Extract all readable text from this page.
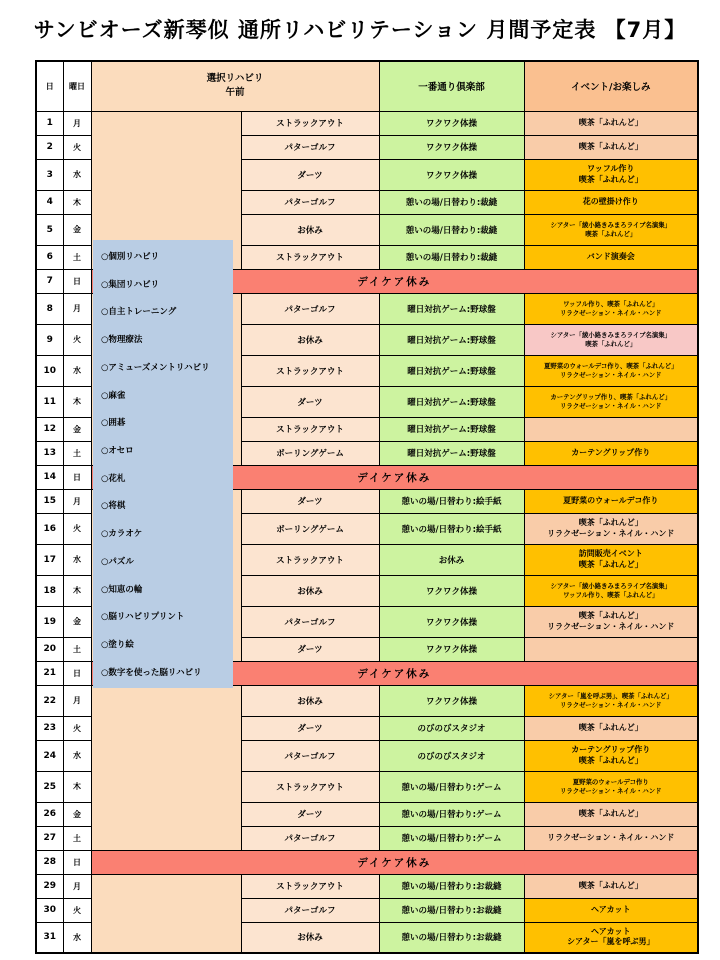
サンビオーズ新琴似 通所リハビリテーション 月間予定表 【7月】
日	曜日	選択リハビリ
午前		一番通り倶楽部	イベント/お楽しみ
1	月		ストラックアウト	ワクワク体操	喫茶「ふれんど」

2	火		パターゴルフ	ワクワク体操	喫茶「ふれんど」

3	水		ダーツ	ワクワク体操	ワッフル作り
喫茶「ふれんど」

4	木		パターゴルフ	憩いの場/日替わり:裁縫	花の壁掛け作り

5	金		お休み	憩いの場/日替わり:裁縫	シアター「綾小路きみまろライブ名演集」
喫茶「ふれんど」

6	土		ストラックアウト	憩いの場/日替わり:裁縫	バンド演奏会

7	日	デイケア休み			
8	月		パターゴルフ	曜日対抗ゲーム:野球盤	ワッフル作り、喫茶「ふれんど」
リラクゼーション・ネイル・ハンド

9	火		お休み	曜日対抗ゲーム:野球盤	シアター「綾小路きみまろライブ名演集」
喫茶「ふれんど」

10	水		ストラックアウト	曜日対抗ゲーム:野球盤	夏野菜のウォールデコ作り、喫茶「ふれんど」
リラクゼーション・ネイル・ハンド

11	木		ダーツ	曜日対抗ゲーム:野球盤	カーテングリップ作り、喫茶「ふれんど」
リラクゼーション・ネイル・ハンド

12	金		ストラックアウト	曜日対抗ゲーム:野球盤	
13	土		ボーリングゲーム	曜日対抗ゲーム:野球盤	カーテングリップ作り

14	日	デイケア休み			
15	月		ダーツ	憩いの場/日替わり:絵手紙	夏野菜のウォールデコ作り

16	火		ボーリングゲーム	憩いの場/日替わり:絵手紙	喫茶「ふれんど」
リラクゼーション・ネイル・ハンド

17	水		ストラックアウト	お休み	訪問販売イベント
喫茶「ふれんど」

18	木		お休み	ワクワク体操	シアター「綾小路きみまろライブ名演集」
ワッフル作り、喫茶「ふれんど」

19	金		パターゴルフ	ワクワク体操	喫茶「ふれんど」
リラクゼーション・ネイル・ハンド

20	土		ダーツ	ワクワク体操	
21	日	デイケア休み			
22	月		お休み	ワクワク体操	シアター「嵐を呼ぶ男」、喫茶「ふれんど」
リラクゼーション・ネイル・ハンド

23	火		ダーツ	のびのびスタジオ	喫茶「ふれんど」

24	水		パターゴルフ	のびのびスタジオ	カーテングリップ作り
喫茶「ふれんど」

25	木		ストラックアウト	憩いの場/日替わり:ゲーム	夏野菜のウォールデコ作り
リラクゼーション・ネイル・ハンド

26	金		ダーツ	憩いの場/日替わり:ゲーム	喫茶「ふれんど」

27	土		パターゴルフ	憩いの場/日替わり:ゲーム	リラクゼーション・ネイル・ハンド

28	日	デイケア休み			
29	月		ストラックアウト	憩いの場/日替わり:お裁縫	喫茶「ふれんど」

30	火		パターゴルフ	憩いの場/日替わり:お裁縫	ヘアカット

31	水		お休み	憩いの場/日替わり:お裁縫	ヘアカット
シアター「嵐を呼ぶ男」
○個別リハビリ
○集団リハビリ
○自主トレーニング
○物理療法
○アミューズメントリハビリ
○麻雀
○囲碁
○オセロ
○花札
○将棋
○カラオケ
○パズル
○知恵の輪
○脳リハビリプリント
○塗り絵
○数字を使った脳リハビリ
